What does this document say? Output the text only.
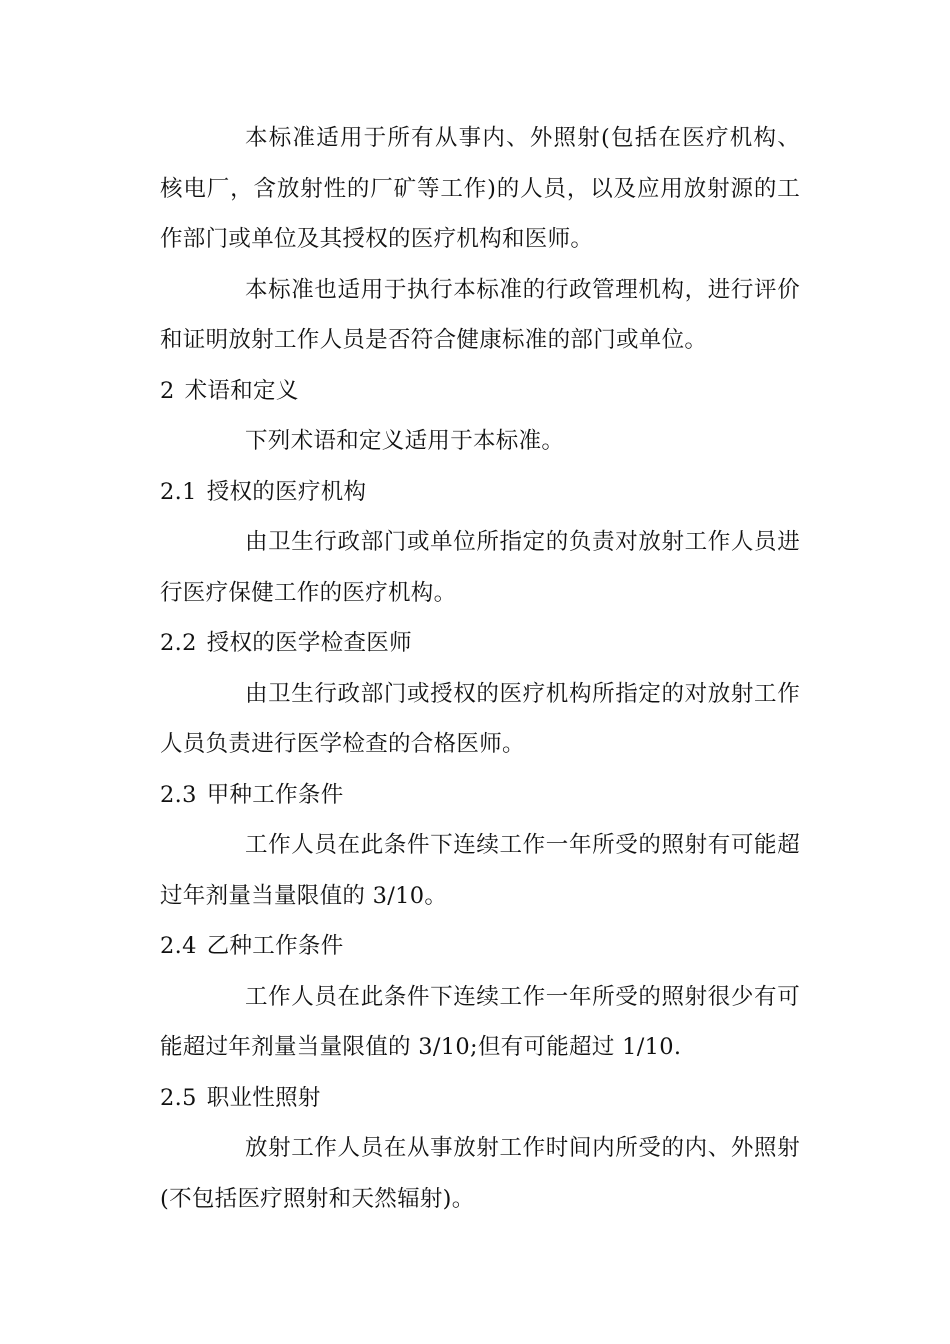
本标准适用于所有从事内、外照射(包括在医疗机构、核电厂，含放射性的厂矿等工作)的人员，以及应用放射源的工作部门或单位及其授权的医疗机构和医师。

本标准也适用于执行本标准的行政管理机构，进行评价和证明放射工作人员是否符合健康标准的部门或单位。

2 术语和定义

下列术语和定义适用于本标准。

2.1 授权的医疗机构

由卫生行政部门或单位所指定的负责对放射工作人员进行医疗保健工作的医疗机构。

2.2 授权的医学检查医师

由卫生行政部门或授权的医疗机构所指定的对放射工作人员负责进行医学检查的合格医师。

2.3 甲种工作条件

工作人员在此条件下连续工作一年所受的照射有可能超过年剂量当量限值的 3/10。

2.4 乙种工作条件

工作人员在此条件下连续工作一年所受的照射很少有可能超过年剂量当量限值的 3/10;但有可能超过 1/10.

2.5 职业性照射

放射工作人员在从事放射工作时间内所受的内、外照射(不包括医疗照射和天然辐射)。
